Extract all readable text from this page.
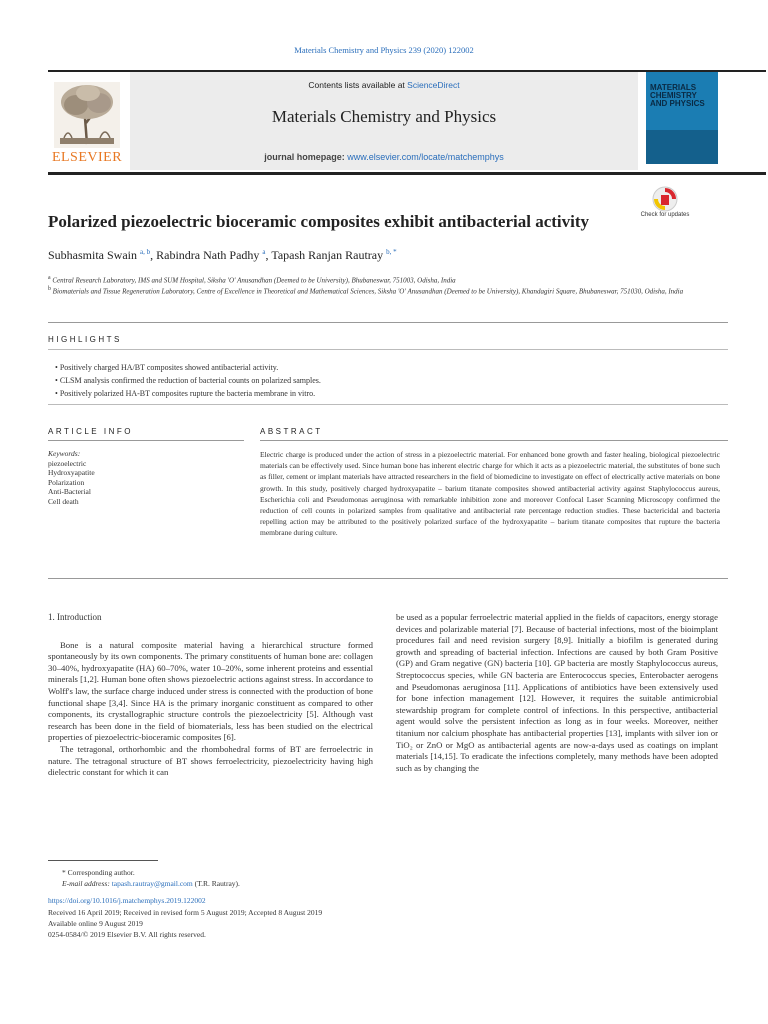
Materials Chemistry and Physics 239 (2020) 122002
ELSEVIER
Contents lists available at ScienceDirect
Materials Chemistry and Physics
journal homepage: www.elsevier.com/locate/matchemphys
MATERIALS CHEMISTRY AND PHYSICS
Polarized piezoelectric bioceramic composites exhibit antibacterial activity	Check for updates
Subhasmita Swain $^{a, b}$, Rabindra Nath Padhy $^a$, Tapash Ranjan Rautray $^{b, *}$
$^a$ Central Research Laboratory, IMS and SUM Hospital, Siksha 'O' Anusandhan (Deemed to be University), Bhubaneswar, 751003, Odisha, India
$^b$ Biomaterials and Tissue Regeneration Laboratory, Centre of Excellence in Theoretical and Mathematical Sciences, Siksha 'O' Anusandhan (Deemed to be University), Khandagiri Square, Bhubaneswar, 751030, Odisha, India
HIGHLIGHTS
• Positively charged HA/BT composites showed antibacterial activity.
• CLSM analysis confirmed the reduction of bacterial counts on polarized samples.
• Positively polarized HA-BT composites rupture the bacteria membrane in vitro.
ARTICLE INFO	ABSTRACT
Keywords:
piezoelectric
Hydroxyapatite
Polarization
Anti-Bacterial
Cell death
Electric charge is produced under the action of stress in a piezoelectric material. For enhanced bone growth and faster healing, biological piezoelectric materials can be effectively used. Since human bone has inherent electric charge for which it acts as a piezoelectric material, the substitutes of bone such as filler, cement or implant materials have attracted researchers in the field of biomedicine to investigate on effect of electrically active materials on bone growth. In this study, positively charged hydroxyapatite – barium titanate composites showed antibacterial activity against Staphylococcus aureus, Escherichia coli and Pseudomonas aeruginosa with remarkable inhibition zone and moreover Confocal Laser Scanning Microscopy confirmed the reduction of cell counts in polarized samples from qualitative and antibacterial rate percentage reduction studies. These bactericidal and bacteria repelling action may be attributed to the positively polarized surface of the hydroxyapatite – barium titanate composites that rupture the bacteria membrane during culture.

1. Introduction

Bone is a natural composite material having a hierarchical structure formed spontaneously by its own components. The primary constituents of human bone are: collagen 30–40%, hydroxyapatite (HA) 60–70%, water 10–20%, some inherent proteins and essential minerals [1,2]. Human bone often shows piezoelectric actions against stress. In accordance to Wolff's law, the surface charge induced under stress is connected with the production of bone functional shape [3,4]. Since HA is the primary inorganic constituent as compared to other components, its crystallographic structure controls the piezoelectricity [5]. Although vast research has been done in the field of biomaterials, less has been studied on the electrical properties of piezoelectric-bioceramic composites [6].

The tetragonal, orthorhombic and the rhombohedral forms of BT are ferroelectric in nature. The tetragonal structure of BT shows ferroelectricity, piezoelectricity having high dielectric constant for which it can

be used as a popular ferroelectric material applied in the fields of capacitors, energy storage devices and polarizable material [7]. Because of bacterial infections, most of the bioimplant procedures fail and need revision surgery [8,9]. Initially a biofilm is generated during growth and spreading of bacterial infection. Infections are caused by both Gram Positive (GP) and Gram negative (GN) bacteria [10]. GP bacteria are mostly Staphylococcus aureus, Streptococcus species, while GN bacteria are Enterococcus species, Enterobacter aerogens and Pseudomonas aeruginosa [11]. Applications of antibiotics have been extensively used for bone infection management [12]. However, it requires the suitable antimicrobial stewardship program for complete control of infections. In this perspective, antibacterial agent would solve the persistent infection as long as in four weeks. Moreover, neither titanium nor calcium phosphate has antibacterial properties [13], implants with silver ion or TiO₂ or ZnO or MgO as antibacterial agents are now-a-days used as coatings on implant materials [14,15]. To eradicate the infections completely, many methods have been adopted such as by changing the

* Corresponding author.
E-mail address: tapash.rautray@gmail.com (T.R. Rautray).
https://doi.org/10.1016/j.matchemphys.2019.122002
Received 16 April 2019; Received in revised form 5 August 2019; Accepted 8 August 2019
Available online 9 August 2019
0254-0584/© 2019 Elsevier B.V. All rights reserved.
